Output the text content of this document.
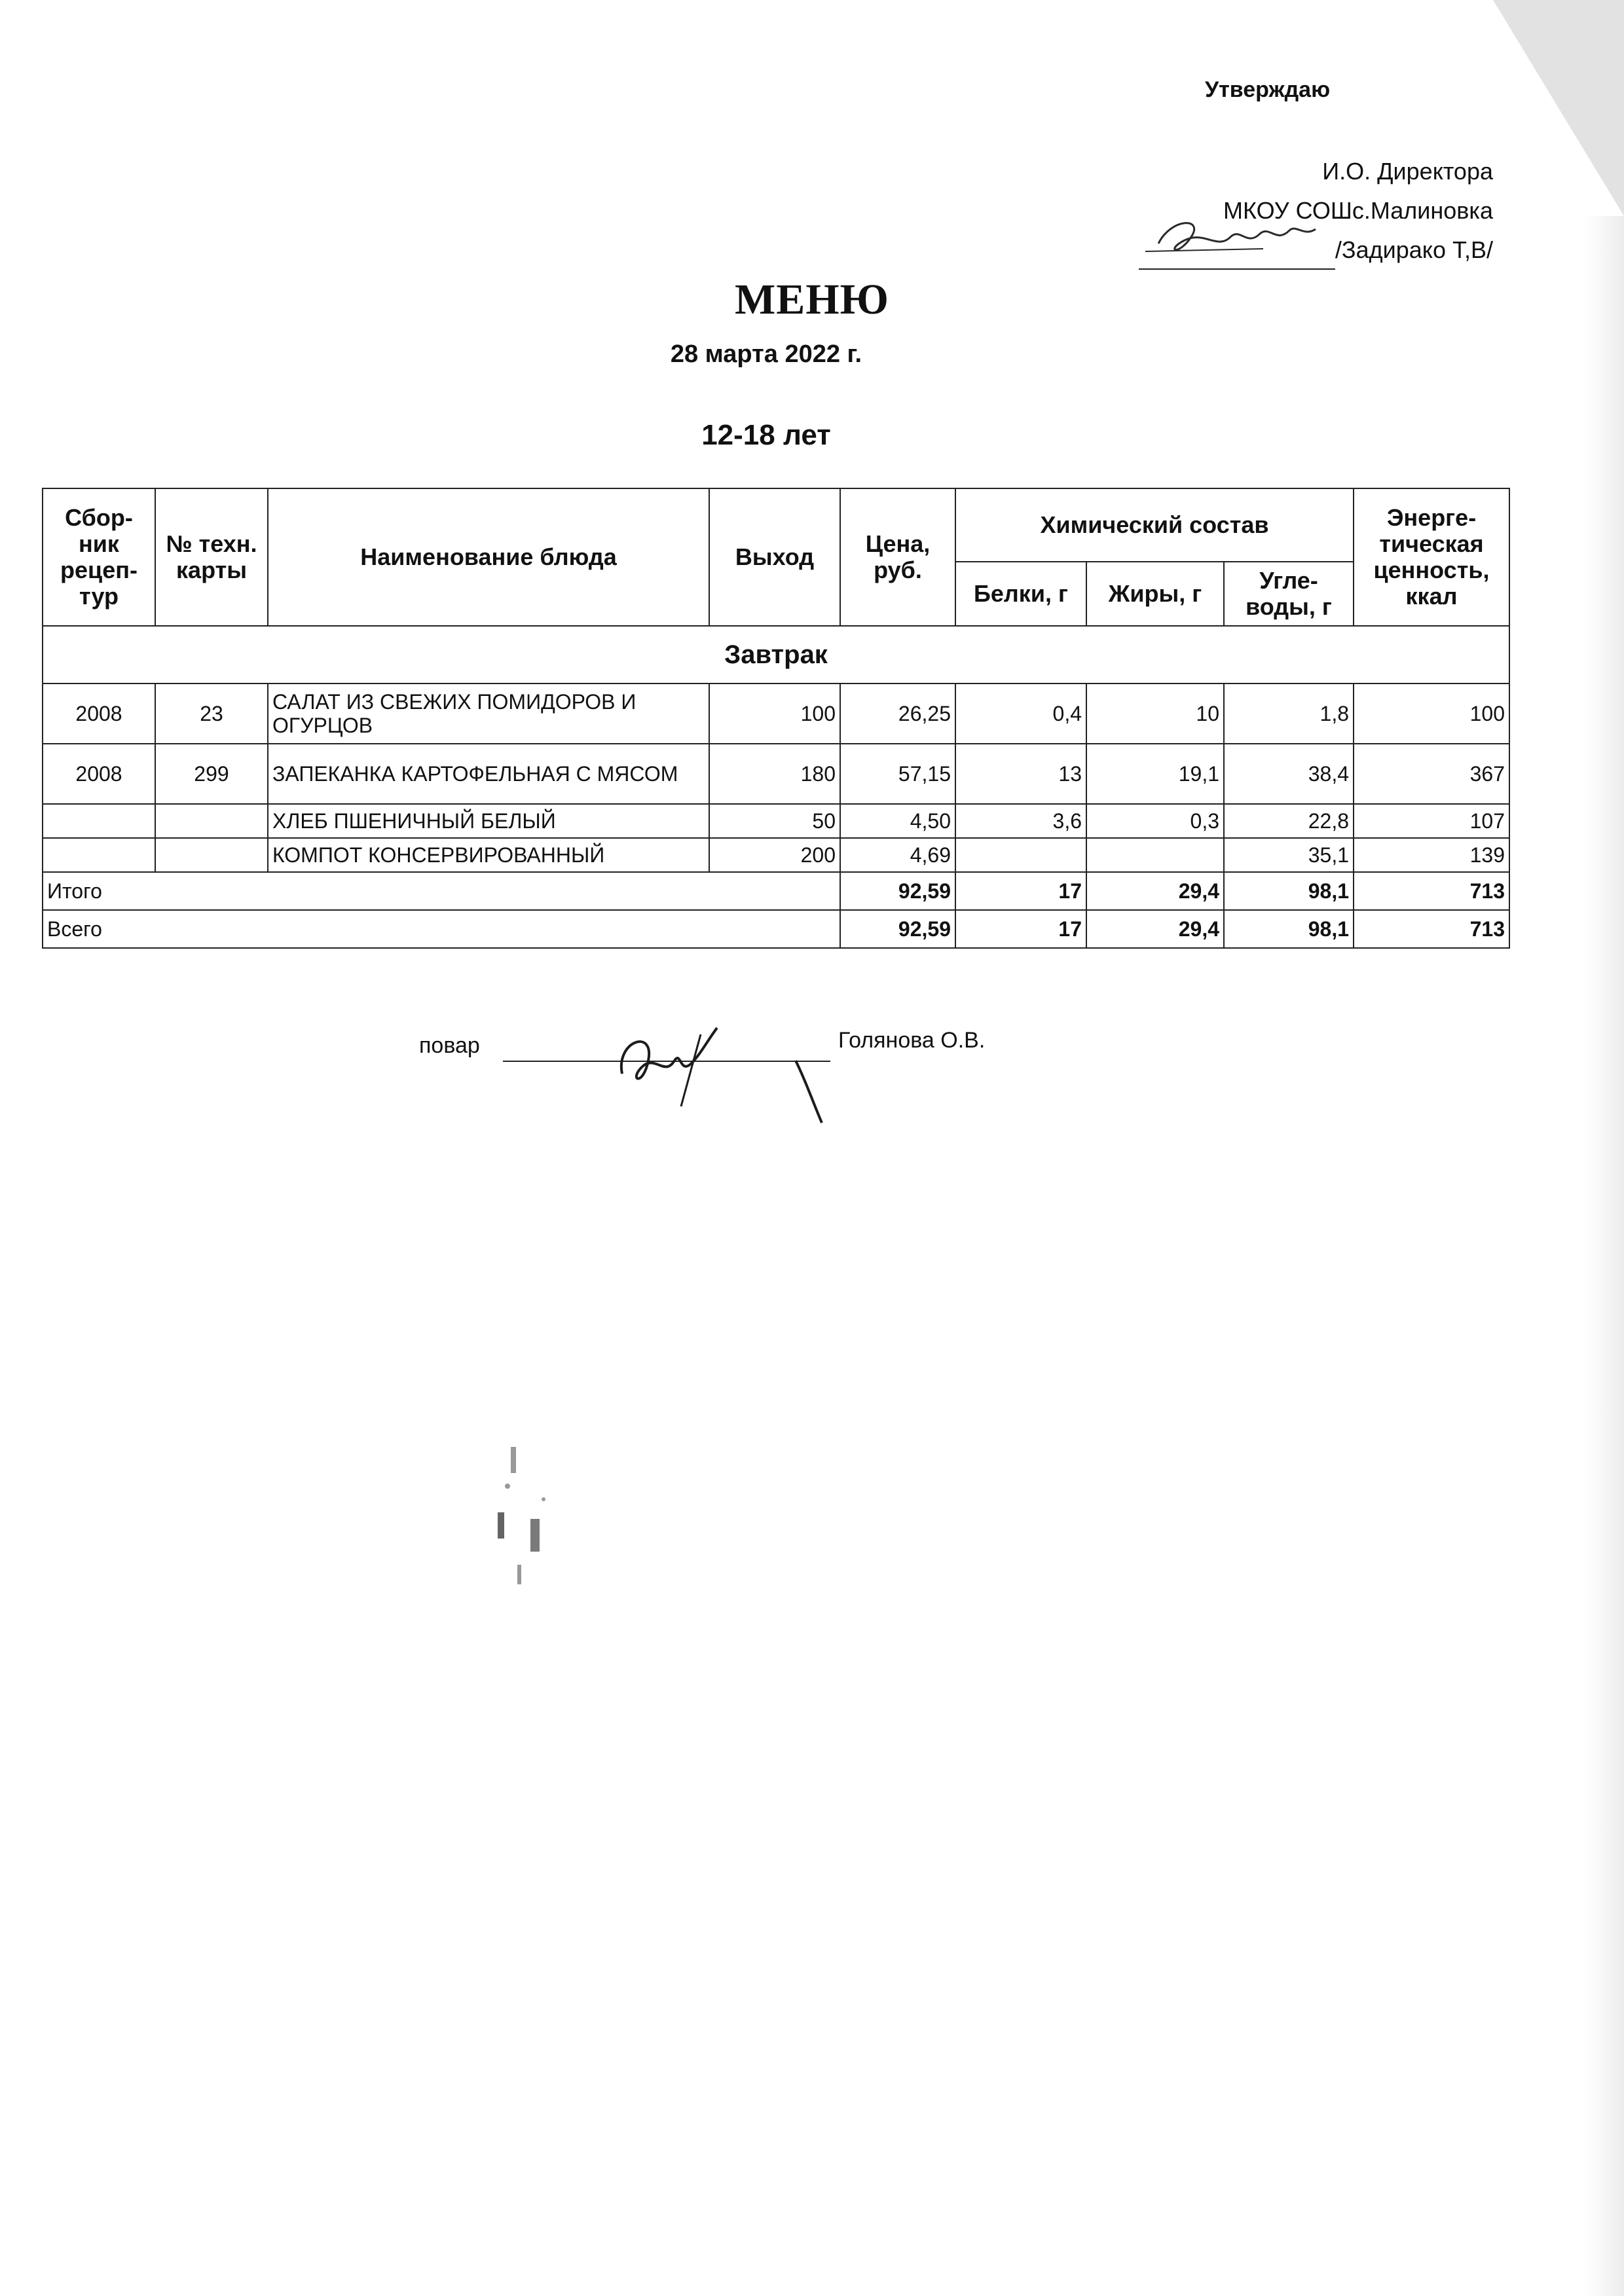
Утверждаю
И.О. Директора
МКОУ СОШс.Малиновка
/Задирако Т,В/
МЕНЮ
28 марта 2022 г.
12-18 лет
Сбор-ник рецеп-тур	№ техн. карты	Наименование блюда	Выход	Цена, руб.	Химический состав			Энерге-тическая ценность, ккал
					Белки, г	Жиры, г	Угле-воды, г	
Завтрак								
2008	23	САЛАТ ИЗ СВЕЖИХ ПОМИДОРОВ И ОГУРЦОВ	100	26,25	0,4	10	1,8	100
2008	299	ЗАПЕКАНКА КАРТОФЕЛЬНАЯ С МЯСОМ	180	57,15	13	19,1	38,4	367
		ХЛЕБ ПШЕНИЧНЫЙ БЕЛЫЙ	50	4,50	3,6	0,3	22,8	107
		КОМПОТ КОНСЕРВИРОВАННЫЙ	200	4,69			35,1	139
Итого				92,59	17	29,4	98,1	713
Всего				92,59	17	29,4	98,1	713
повар	Голянова О.В.
